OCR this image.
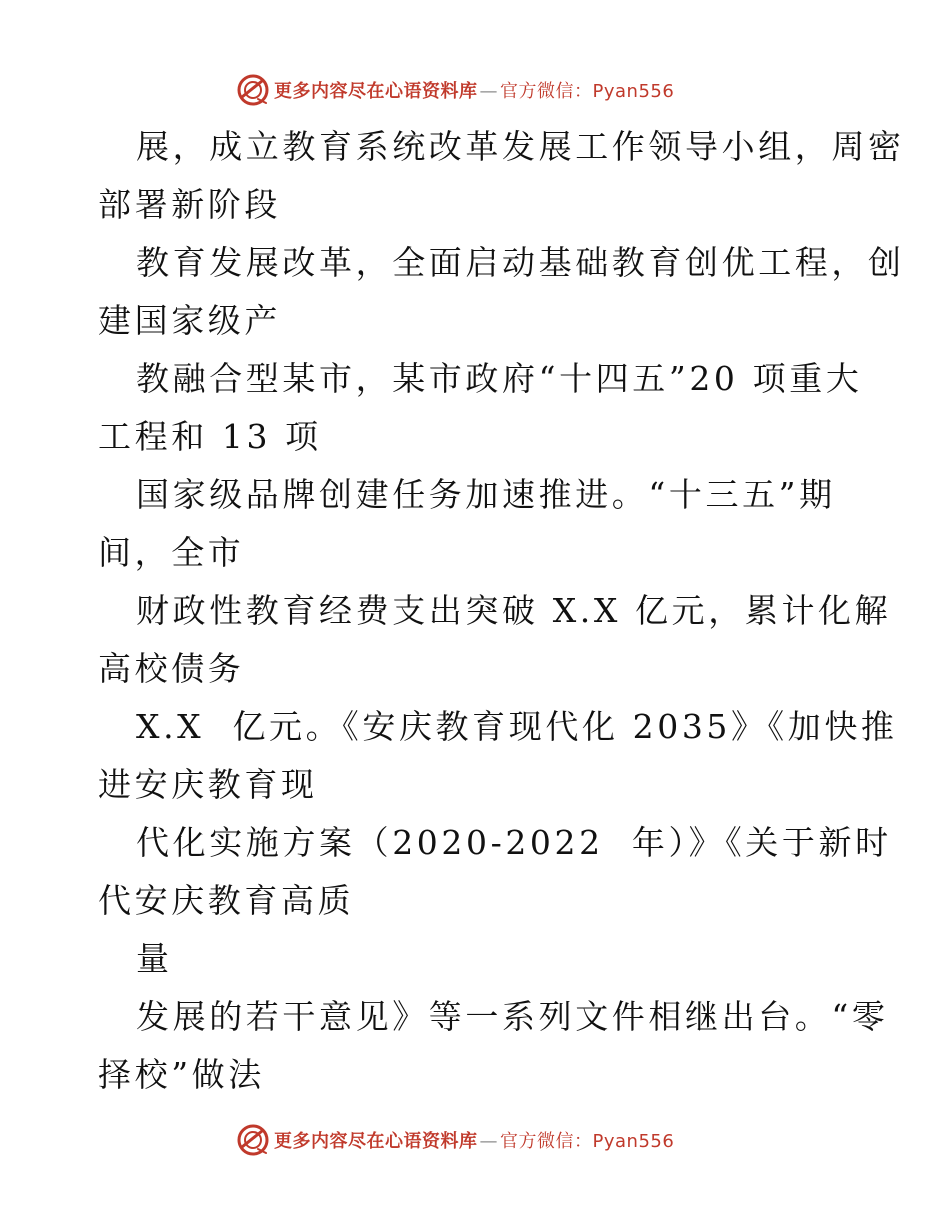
更多内容尽在心语资料库 — 官方微信：Pyan556
展，成立教育系统改革发展工作领导小组，周密
部署新阶段
教育发展改革，全面启动基础教育创优工程，创
建国家级产
教融合型某市，某市政府“十四五”20 项重大
工程和 13 项
国家级品牌创建任务加速推进。“十三五”期
间，全市
财政性教育经费支出突破 X.X 亿元，累计化解
高校债务
X.X  亿元。《安庆教育现代化 2035》《加快推
进安庆教育现
代化实施方案（2020-2022  年）》《关于新时
代安庆教育高质
量
发展的若干意见》等一系列文件相继出台。“零
择校”做法
更多内容尽在心语资料库 — 官方微信：Pyan556
